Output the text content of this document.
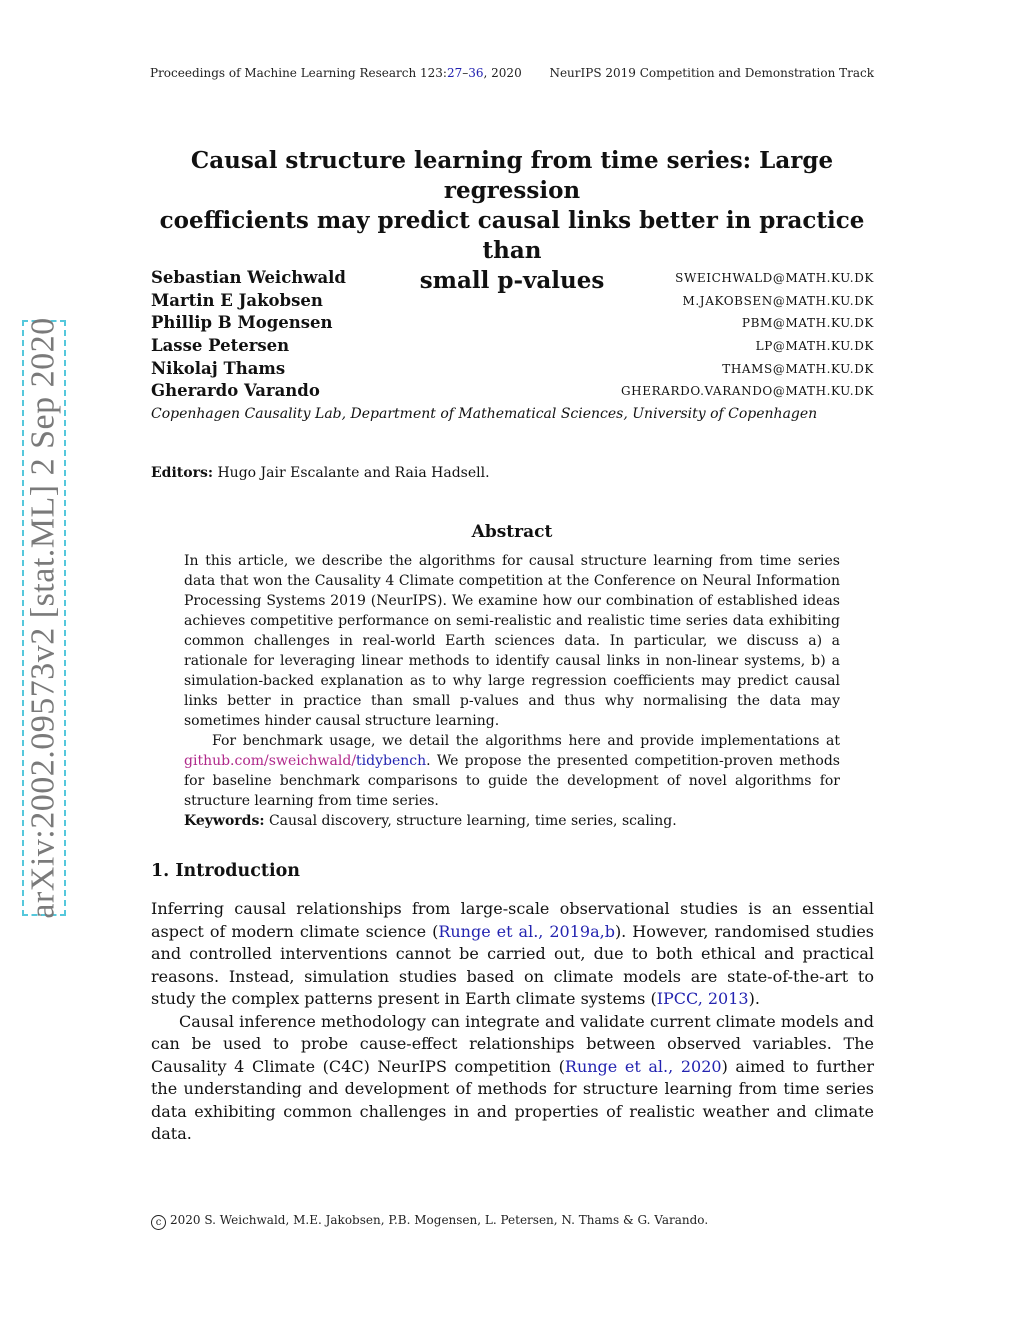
Proceedings of Machine Learning Research 123:27–36, 2020 NeurIPS 2019 Competition and Demonstration Track
arXiv:2002.09573v2 [stat.ML] 2 Sep 2020
Causal structure learning from time series: Large regression
coefficients may predict causal links better in practice than
small p-values
Sebastian Weichwald	SWEICHWALD@MATH.KU.DK
Martin E Jakobsen	M.JAKOBSEN@MATH.KU.DK
Phillip B Mogensen	PBM@MATH.KU.DK
Lasse Petersen	LP@MATH.KU.DK
Nikolaj Thams	THAMS@MATH.KU.DK
Gherardo Varando	GHERARDO.VARANDO@MATH.KU.DK
Copenhagen Causality Lab, Department of Mathematical Sciences, University of Copenhagen
Editors: Hugo Jair Escalante and Raia Hadsell.
Abstract

In this article, we describe the algorithms for causal structure learning from time series data that won the Causality 4 Climate competition at the Conference on Neural Information Processing Systems 2019 (NeurIPS). We examine how our combination of established ideas achieves competitive performance on semi-realistic and realistic time series data exhibiting common challenges in real-world Earth sciences data. In particular, we discuss a) a rationale for leveraging linear methods to identify causal links in non-linear systems, b) a simulation-backed explanation as to why large regression coefficients may predict causal links better in practice than small p-values and thus why normalising the data may sometimes hinder causal structure learning.

For benchmark usage, we detail the algorithms here and provide implementations at github.com/sweichwald/tidybench. We propose the presented competition-proven methods for baseline benchmark comparisons to guide the development of novel algorithms for structure learning from time series.

Keywords: Causal discovery, structure learning, time series, scaling.

1. Introduction

Inferring causal relationships from large-scale observational studies is an essential aspect of modern climate science (Runge et al., 2019a,b). However, randomised studies and controlled interventions cannot be carried out, due to both ethical and practical reasons. Instead, simulation studies based on climate models are state-of-the-art to study the complex patterns present in Earth climate systems (IPCC, 2013).

Causal inference methodology can integrate and validate current climate models and can be used to probe cause-effect relationships between observed variables. The Causality 4 Climate (C4C) NeurIPS competition (Runge et al., 2020) aimed to further the understanding and development of methods for structure learning from time series data exhibiting common challenges in and properties of realistic weather and climate data.

c 2020 S. Weichwald, M.E. Jakobsen, P.B. Mogensen, L. Petersen, N. Thams & G. Varando.
